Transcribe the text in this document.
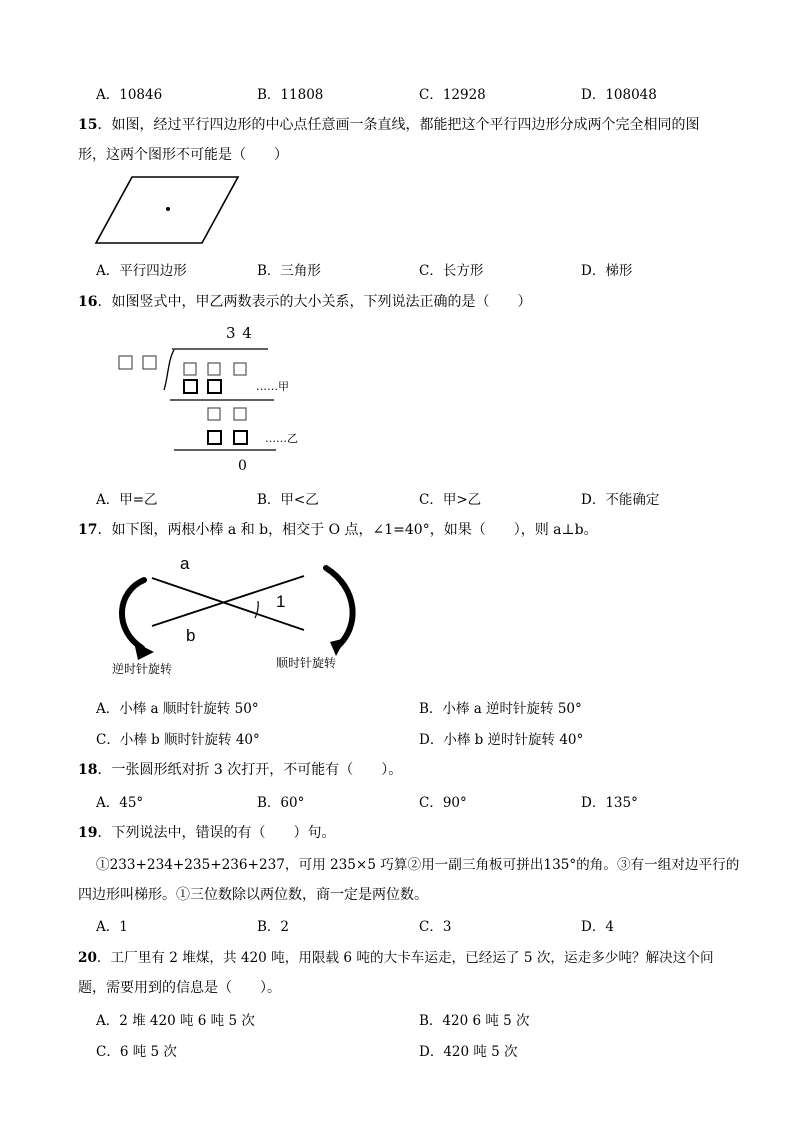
A．10846	B．11808	C．12928	D．108048
15．如图，经过平行四边形的中心点任意画一条直线，都能把这个平行四边形分成两个完全相同的图
形，这两个图形不可能是（　　）
A．平行四边形	B．三角形	C．长方形	D．梯形
16．如图竖式中，甲乙两数表示的大小关系，下列说法正确的是（　　）
3 4
0
……甲
……乙
A．甲=乙	B．甲<乙	C．甲>乙	D．不能确定
17．如下图，两根小棒 a 和 b，相交于 O 点，∠1=40°，如果（　　），则 a⊥b。
a
b
1
逆时针旋转	顺时针旋转
A．小棒 a 顺时针旋转 50°	B．小棒 a 逆时针旋转 50°
C．小棒 b 顺时针旋转 40°	D．小棒 b 逆时针旋转 40°
18．一张圆形纸对折 3 次打开，不可能有（　　）。
A．45°	B．60°	C．90°	D．135°
19．下列说法中，错误的有（　　）句。
①233+234+235+236+237，可用 235×5 巧算②用一副三角板可拼出135°的角。③有一组对边平行的
四边形叫梯形。①三位数除以两位数，商一定是两位数。
A．1	B．2	C．3	D．4
20．工厂里有 2 堆煤，共 420 吨，用限载 6 吨的大卡车运走，已经运了 5 次，运走多少吨？解决这个问
题，需要用到的信息是（　　）。
A．2 堆 420 吨 6 吨 5 次	B．420 6 吨 5 次
C．6 吨 5 次	D．420 吨 5 次
